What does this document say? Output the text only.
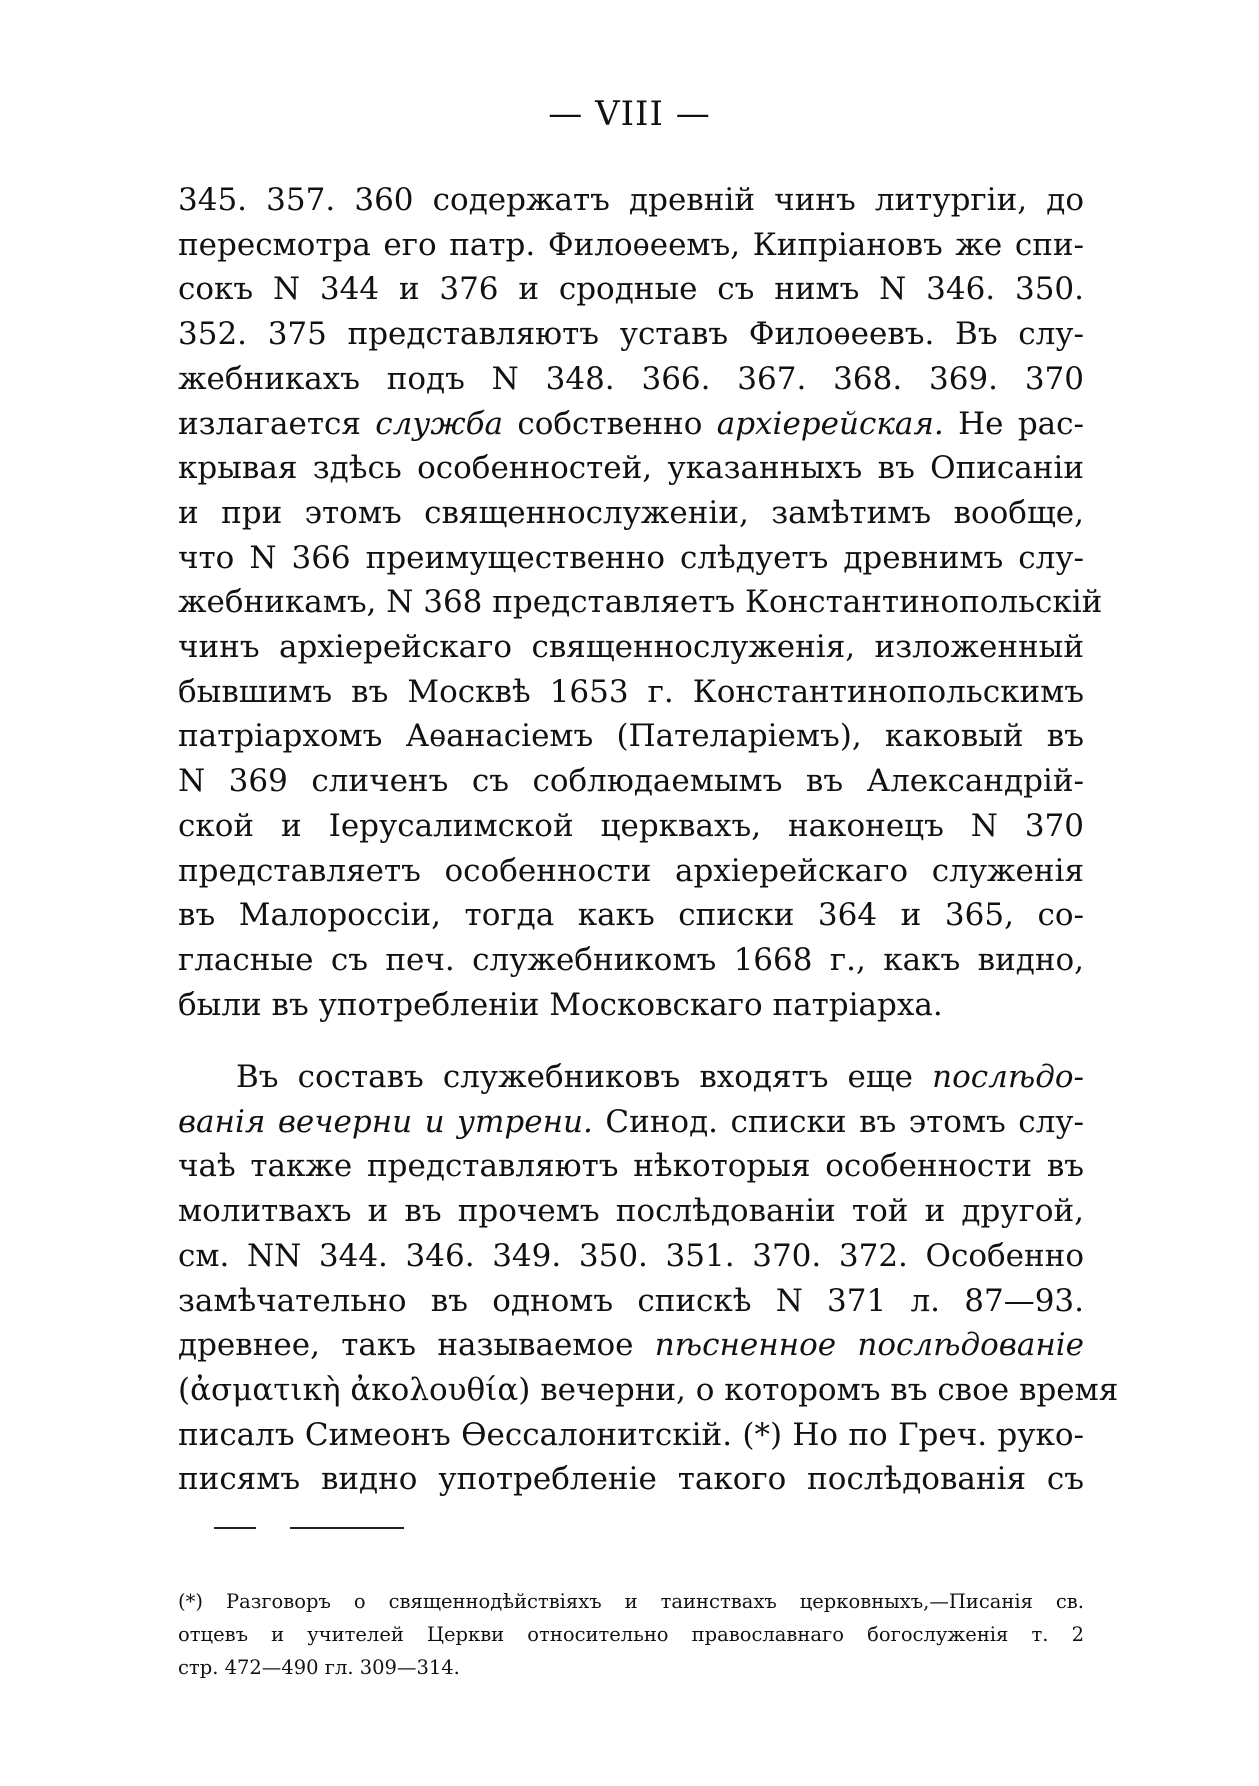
— VIII —
345. 357. 360 содержатъ древній чинъ литургіи, до
пересмотра его патр. Филоѳеемъ, Кипріановъ же спи-
сокъ N 344 и 376 и сродные съ нимъ N 346. 350.
352. 375 представляютъ уставъ Филоѳеевъ. Въ слу-
жебникахъ подъ N 348. 366. 367. 368. 369. 370
излагается служба собственно архіерейская. Не рас-
крывая здѣсь особенностей, указанныхъ въ Описаніи
и при этомъ священнослуженіи, замѣтимъ вообще,
что N 366 преимущественно слѣдуетъ древнимъ слу-
жебникамъ, N 368 представляетъ Константинопольскій
чинъ архіерейскаго священнослуженія, изложенный
бывшимъ въ Москвѣ 1653 г. Константинопольскимъ
патріархомъ Аѳанасіемъ (Пателаріемъ), каковый въ
N 369 сличенъ съ соблюдаемымъ въ Александрій-
ской и Іерусалимской церквахъ, наконецъ N 370
представляетъ особенности архіерейскаго служенія
въ Малороссіи, тогда какъ списки 364 и 365, со-
гласные съ печ. служебникомъ 1668 г., какъ видно,
были въ употребленіи Московскаго патріарха.
Въ составъ служебниковъ входятъ еще послѣдо-
ванія вечерни и утрени. Синод. списки въ этомъ слу-
чаѣ также представляютъ нѣкоторыя особенности въ
молитвахъ и въ прочемъ послѣдованіи той и другой,
см. NN 344. 346. 349. 350. 351. 370. 372. Особенно
замѣчательно въ одномъ спискѣ N 371 л. 87—93.
древнее, такъ называемое пѣсненное послѣдованіе
(ἀσματικὴ ἀκολουθία) вечерни, о которомъ въ свое время
писалъ Симеонъ Ѳессалонитскій. (*) Но по Греч. руко-
писямъ видно употребленіе такого послѣдованія съ
(*) Разговоръ о священнодѣйствіяхъ и таинствахъ церковныхъ,—Писанія св.
отцевъ и учителей Церкви относительно православнаго богослуженія т. 2
стр. 472—490 гл. 309—314.
